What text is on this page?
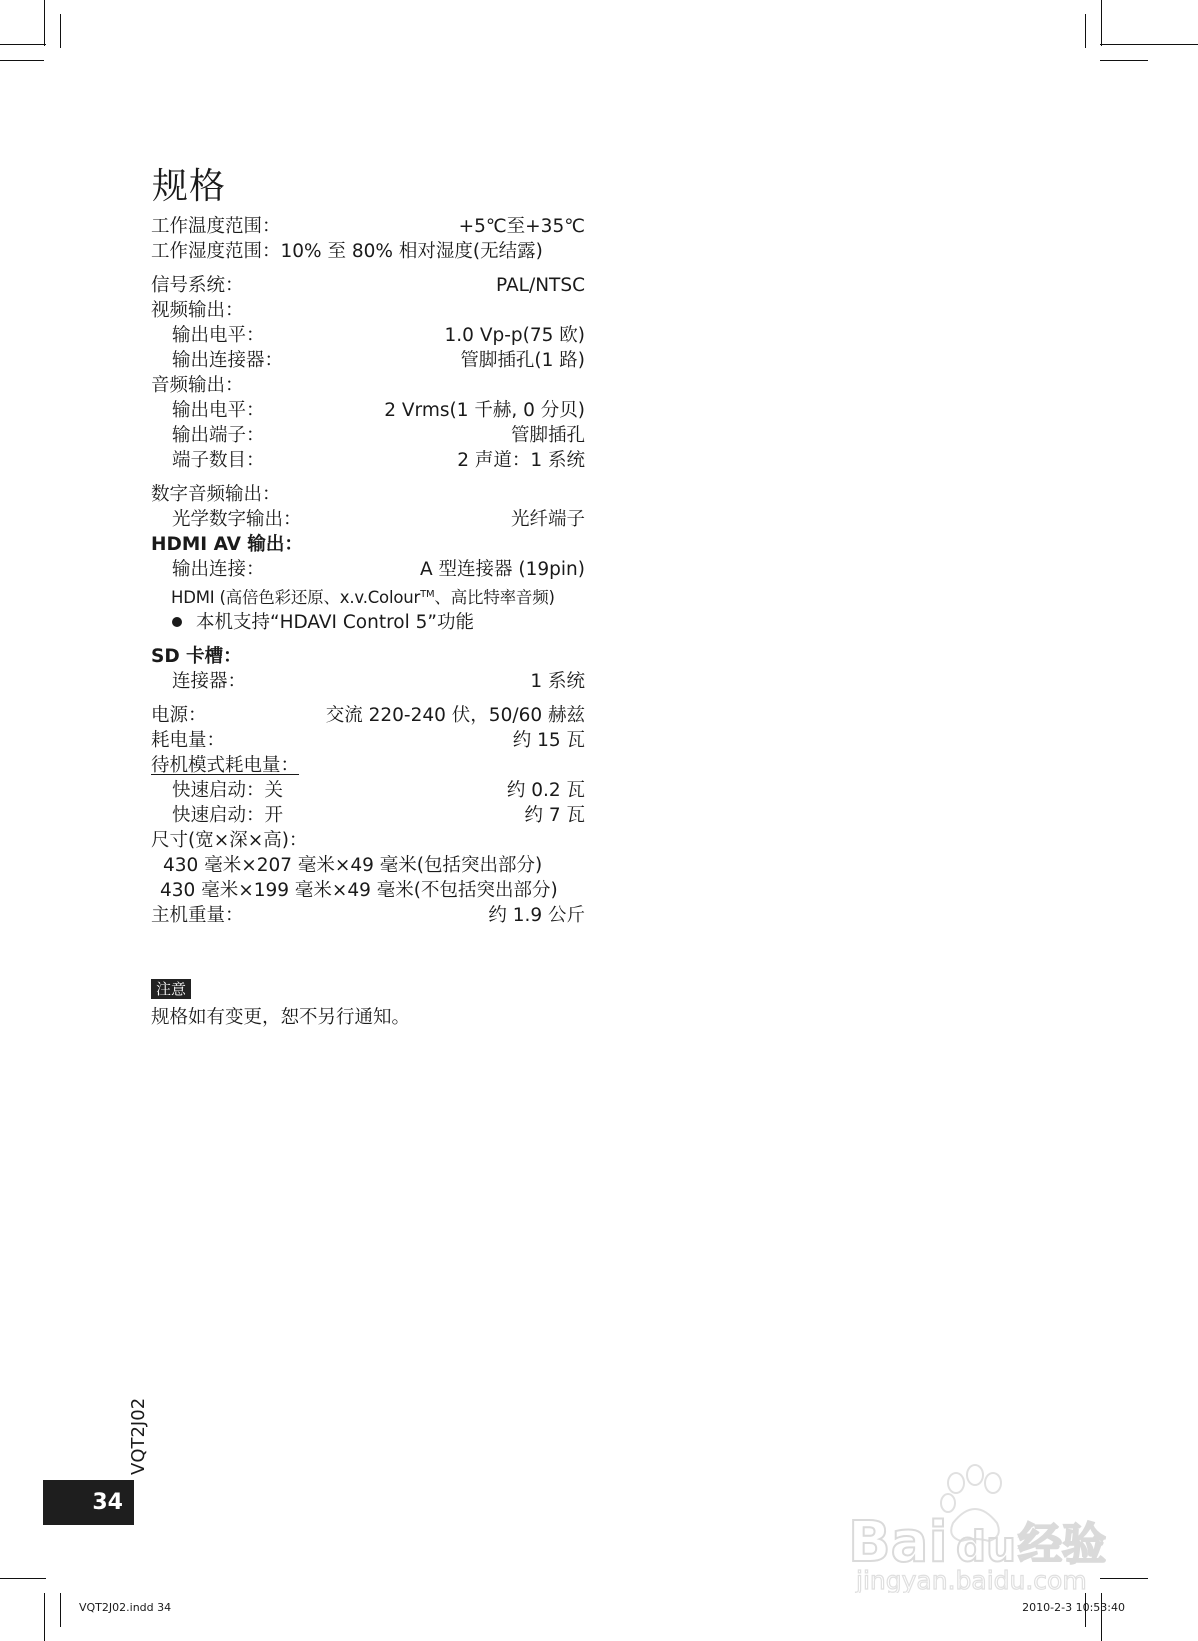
规格
工作温度范围：	+5℃至+35℃
工作湿度范围：10% 至 80% 相对湿度(无结露)
信号系统：	PAL/NTSC
视频输出：
输出电平：	1.0 Vp-p(75 欧)
输出连接器：	管脚插孔(1 路)
音频输出：
输出电平：	2 Vrms(1 千赫, 0 分贝)
输出端子：	管脚插孔
端子数目：	2 声道：1 系统
数字音频输出：
光学数字输出：	光纤端子
HDMI AV 输出：
输出连接：	A 型连接器 (19pin)
HDMI (高倍色彩还原、x.v.Colour™、高比特率音频)
本机支持“HDAVI Control 5”功能
SD 卡槽：
连接器：	1 系统
电源：	交流 220-240 伏，50/60 赫兹
耗电量：	约 15 瓦
待机模式耗电量：
快速启动：关	约 0.2 瓦
快速启动：开	约 7 瓦
尺寸(宽×深×高)：
430 毫米×207 毫米×49 毫米(包括突出部分)
430 毫米×199 毫米×49 毫米(不包括突出部分)
主机重量：	约 1.9 公斤
注意
规格如有变更，恕不另行通知。
VQT2J02
34
VQT2J02.indd 34	2010-2-3 10:53:40
Bai du 经验
jingyan.baidu.com
